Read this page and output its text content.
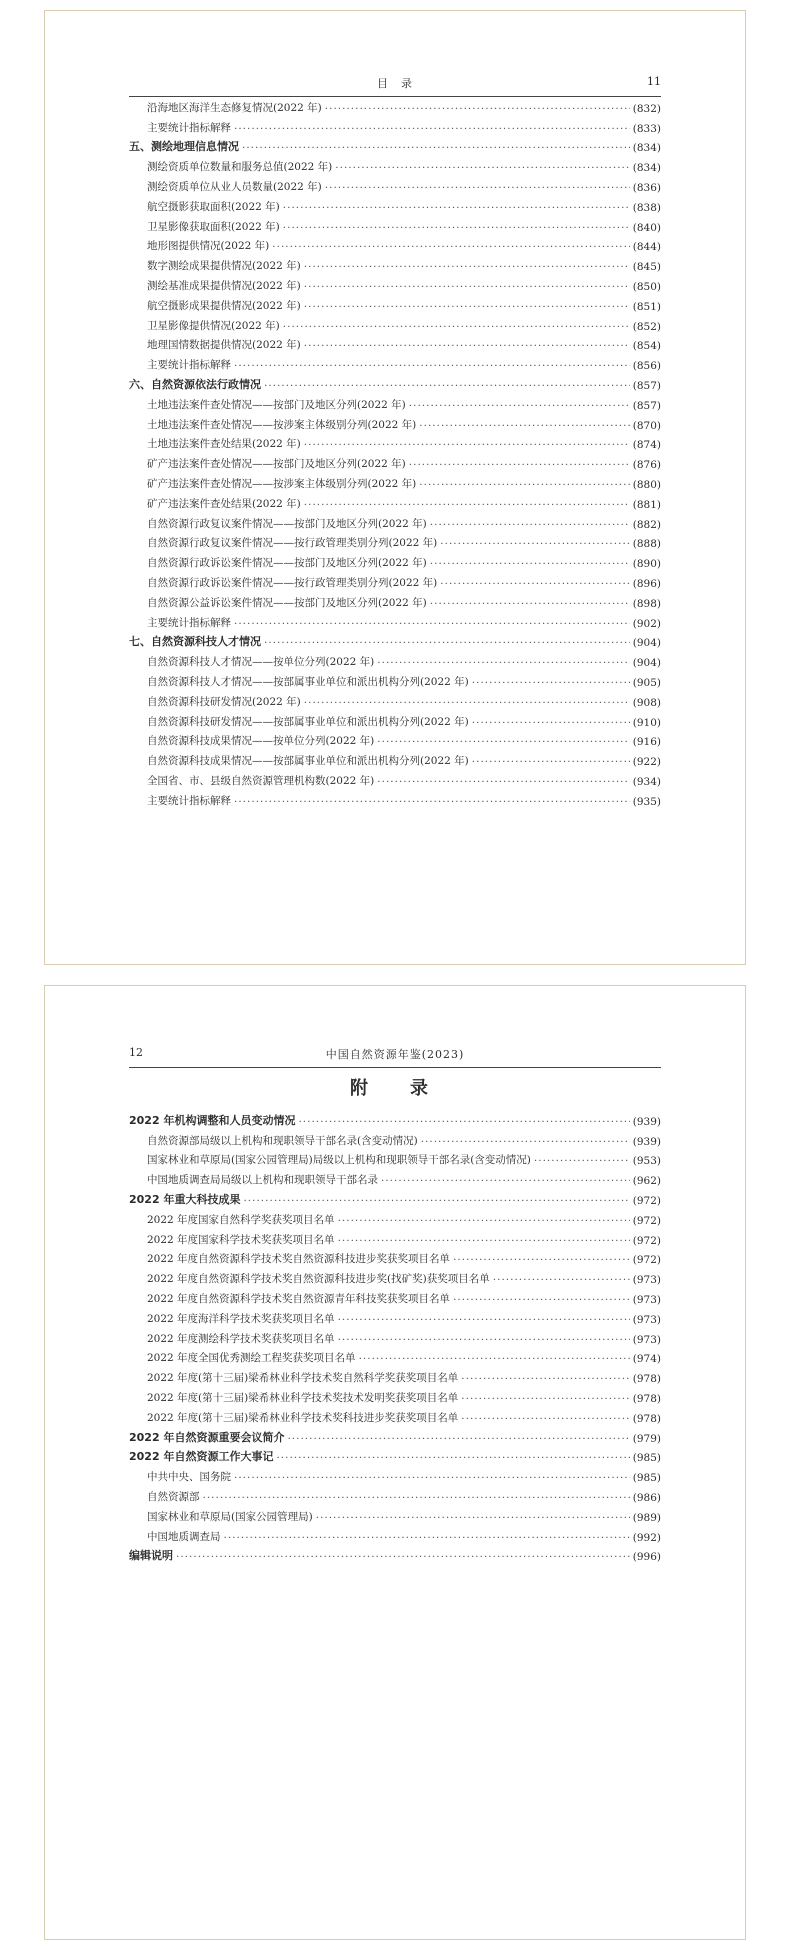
目　录	11
沿海地区海洋生态修复情况(2022 年) ·····	(832)
主要统计指标解释 ·····	(833)
五、测绘地理信息情况 ·····	(834)
测绘资质单位数量和服务总值(2022 年) ·····	(834)
测绘资质单位从业人员数量(2022 年) ·····	(836)
航空摄影获取面积(2022 年) ·····	(838)
卫星影像获取面积(2022 年) ·····	(840)
地形图提供情况(2022 年) ·····	(844)
数字测绘成果提供情况(2022 年) ·····	(845)
测绘基准成果提供情况(2022 年) ·····	(850)
航空摄影成果提供情况(2022 年) ·····	(851)
卫星影像提供情况(2022 年) ·····	(852)
地理国情数据提供情况(2022 年) ·····	(854)
主要统计指标解释 ·····	(856)
六、自然资源依法行政情况 ·····	(857)
土地违法案件查处情况——按部门及地区分列(2022 年) ·····	(857)
土地违法案件查处情况——按涉案主体级别分列(2022 年) ·····	(870)
土地违法案件查处结果(2022 年) ·····	(874)
矿产违法案件查处情况——按部门及地区分列(2022 年) ·····	(876)
矿产违法案件查处情况——按涉案主体级别分列(2022 年) ·····	(880)
矿产违法案件查处结果(2022 年) ·····	(881)
自然资源行政复议案件情况——按部门及地区分列(2022 年) ·····	(882)
自然资源行政复议案件情况——按行政管理类别分列(2022 年) ·····	(888)
自然资源行政诉讼案件情况——按部门及地区分列(2022 年) ·····	(890)
自然资源行政诉讼案件情况——按行政管理类别分列(2022 年) ·····	(896)
自然资源公益诉讼案件情况——按部门及地区分列(2022 年) ·····	(898)
主要统计指标解释 ·····	(902)
七、自然资源科技人才情况 ·····	(904)
自然资源科技人才情况——按单位分列(2022 年) ·····	(904)
自然资源科技人才情况——按部属事业单位和派出机构分列(2022 年) ·····	(905)
自然资源科技研发情况(2022 年) ·····	(908)
自然资源科技研发情况——按部属事业单位和派出机构分列(2022 年) ·····	(910)
自然资源科技成果情况——按单位分列(2022 年) ·····	(916)
自然资源科技成果情况——按部属事业单位和派出机构分列(2022 年) ·····	(922)
全国省、市、县级自然资源管理机构数(2022 年) ·····	(934)
主要统计指标解释 ·····	(935)
12	中国自然资源年鉴(2023)
附　录
2022 年机构调整和人员变动情况 ·····	(939)
自然资源部局级以上机构和现职领导干部名录(含变动情况) ·····	(939)
国家林业和草原局(国家公园管理局)局级以上机构和现职领导干部名录(含变动情况) ·····	(953)
中国地质调查局局级以上机构和现职领导干部名录 ·····	(962)
2022 年重大科技成果 ·····	(972)
2022 年度国家自然科学奖获奖项目名单 ·····	(972)
2022 年度国家科学技术奖获奖项目名单 ·····	(972)
2022 年度自然资源科学技术奖自然资源科技进步奖获奖项目名单 ·····	(972)
2022 年度自然资源科学技术奖自然资源科技进步奖(找矿奖)获奖项目名单 ·····	(973)
2022 年度自然资源科学技术奖自然资源青年科技奖获奖项目名单 ·····	(973)
2022 年度海洋科学技术奖获奖项目名单 ·····	(973)
2022 年度测绘科学技术奖获奖项目名单 ·····	(973)
2022 年度全国优秀测绘工程奖获奖项目名单 ·····	(974)
2022 年度(第十三届)梁希林业科学技术奖自然科学奖获奖项目名单 ·····	(978)
2022 年度(第十三届)梁希林业科学技术奖技术发明奖获奖项目名单 ·····	(978)
2022 年度(第十三届)梁希林业科学技术奖科技进步奖获奖项目名单 ·····	(978)
2022 年自然资源重要会议简介 ·····	(979)
2022 年自然资源工作大事记 ·····	(985)
中共中央、国务院 ·····	(985)
自然资源部 ·····	(986)
国家林业和草原局(国家公园管理局) ·····	(989)
中国地质调查局 ·····	(992)
编辑说明 ·····	(996)
